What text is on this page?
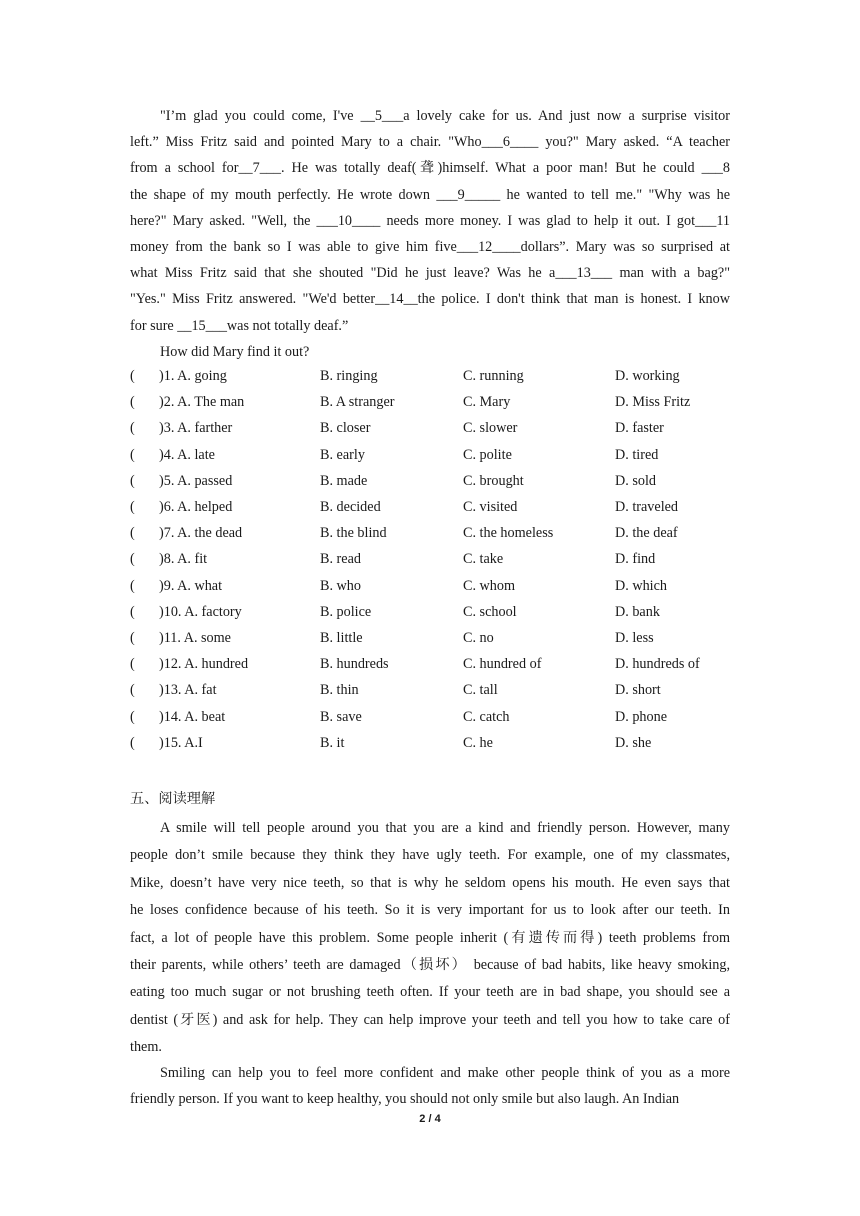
"I’m glad you could come, I've __5___a lovely cake for us. And just now a surprise visitor
left.” Miss Fritz said and pointed Mary to a chair. "Who___6____ you?" Mary asked. “A teacher
from a school for__7___. He was totally deaf(聋)himself. What a poor man! But he could ___8
the shape of my mouth perfectly. He wrote down ___9_____ he wanted to tell me." "Why was he
here?" Mary asked. "Well, the ___10____ needs more money. I was glad to help it out. I got___11
money from the bank so I was able to give him five___12____dollars”. Mary was so surprised at
what Miss Fritz said that she shouted "Did he just leave? Was he a___13___ man with a bag?"
"Yes." Miss Fritz answered. "We'd better__14__the police. I don't think that man is honest. I know
for sure __15___was not totally deaf.”
How did Mary find it out?
( )1. A. going	B. ringing	C. running	D. working
( )2. A. The man	B. A stranger	C. Mary	D. Miss Fritz
( )3. A. farther	B. closer	C. slower	D. faster
( )4. A. late	B. early	C. polite	D. tired
( )5. A. passed	B. made	C. brought	D. sold
( )6. A. helped	B. decided	C. visited	D. traveled
( )7. A. the dead	B. the blind	C. the homeless	D. the deaf
( )8. A. fit	B. read	C. take	D. find
( )9. A. what	B. who	C. whom	D. which
( )10. A. factory	B. police	C. school	D. bank
( )11. A. some	B. little	C. no	D. less
( )12. A. hundred	B. hundreds	C. hundred of	D. hundreds of
( )13. A. fat	B. thin	C. tall	D. short
( )14. A. beat	B. save	C. catch	D. phone
( )15. A.I	B. it	C. he	D. she
五、阅读理解
A smile will tell people around you that you are a kind and friendly person. However, many
people don’t smile because they think they have ugly teeth. For example, one of my classmates,
Mike, doesn’t have very nice teeth, so that is why he seldom opens his mouth. He even says that
he loses confidence because of his teeth. So it is very important for us to look after our teeth. In
fact, a lot of people have this problem. Some people inherit (有遗传而得) teeth problems from
their parents, while others’ teeth are damaged（损坏） because of bad habits, like heavy smoking,
eating too much sugar or not brushing teeth often. If your teeth are in bad shape, you should see a
dentist (牙医) and ask for help. They can help improve your teeth and tell you how to take care of
them.
Smiling can help you to feel more confident and make other people think of you as a more
friendly person. If you want to keep healthy, you should not only smile but also laugh. An Indian
2 / 4
